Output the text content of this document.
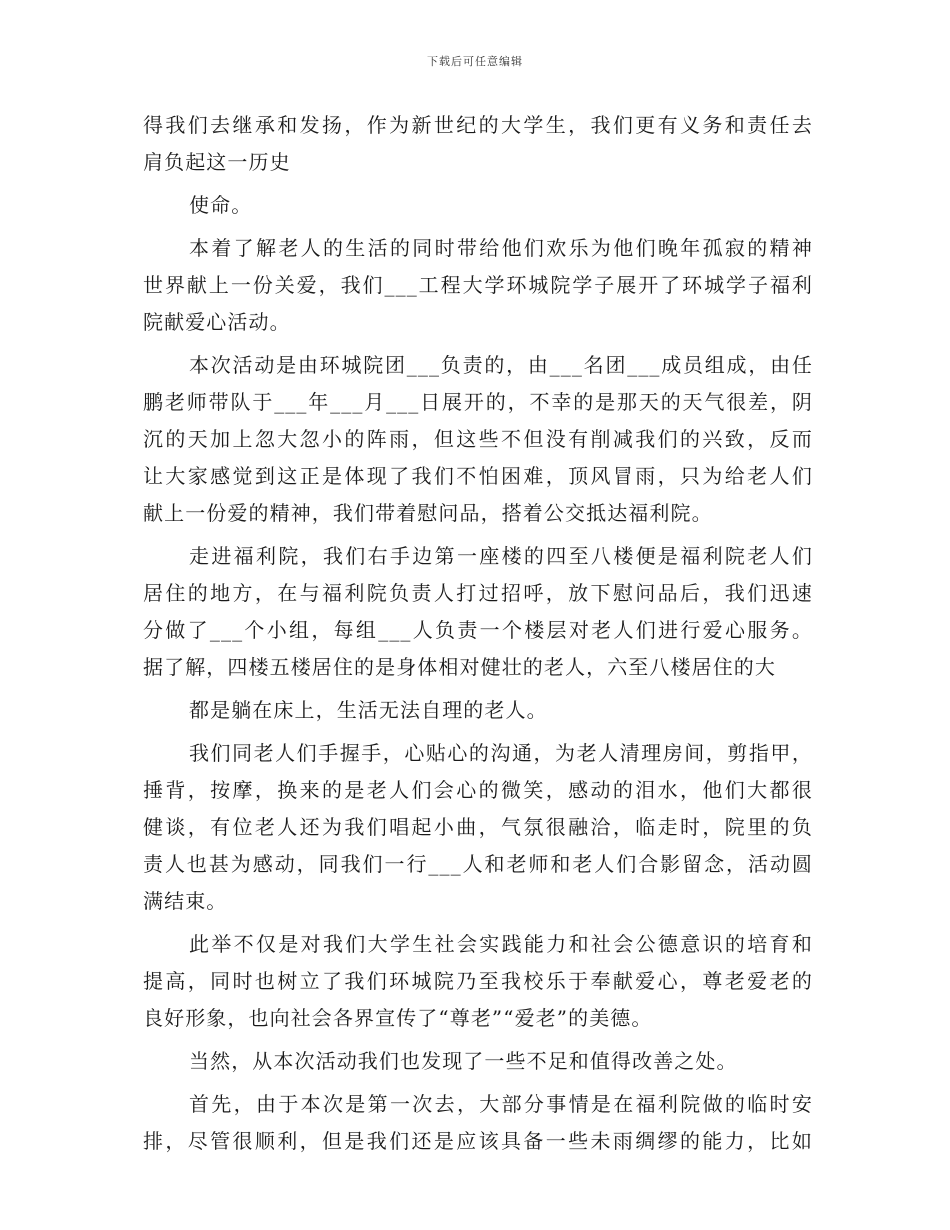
下载后可任意编辑
得我们去继承和发扬，作为新世纪的大学生，我们更有义务和责任去
肩负起这一历史
使命。
本着了解老人的生活的同时带给他们欢乐为他们晚年孤寂的精神
世界献上一份关爱，我们___工程大学环城院学子展开了环城学子福利
院献爱心活动。
本次活动是由环城院团___负责的，由___名团___成员组成，由任
鹏老师带队于___年___月___日展开的，不幸的是那天的天气很差，阴
沉的天加上忽大忽小的阵雨，但这些不但没有削减我们的兴致，反而
让大家感觉到这正是体现了我们不怕困难，顶风冒雨，只为给老人们
献上一份爱的精神，我们带着慰问品，搭着公交抵达福利院。
走进福利院，我们右手边第一座楼的四至八楼便是福利院老人们
居住的地方，在与福利院负责人打过招呼，放下慰问品后，我们迅速
分做了___个小组，每组___人负责一个楼层对老人们进行爱心服务。
据了解，四楼五楼居住的是身体相对健壮的老人，六至八楼居住的大
都是躺在床上，生活无法自理的老人。
我们同老人们手握手，心贴心的沟通，为老人清理房间，剪指甲，
捶背，按摩，换来的是老人们会心的微笑，感动的泪水，他们大都很
健谈，有位老人还为我们唱起小曲，气氛很融洽，临走时，院里的负
责人也甚为感动，同我们一行___人和老师和老人们合影留念，活动圆
满结束。
此举不仅是对我们大学生社会实践能力和社会公德意识的培育和
提高，同时也树立了我们环城院乃至我校乐于奉献爱心，尊老爱老的
良好形象，也向社会各界宣传了“尊老”“爱老”的美德。
当然，从本次活动我们也发现了一些不足和值得改善之处。
首先，由于本次是第一次去，大部分事情是在福利院做的临时安
排，尽管很顺利，但是我们还是应该具备一些未雨绸缪的能力，比如
